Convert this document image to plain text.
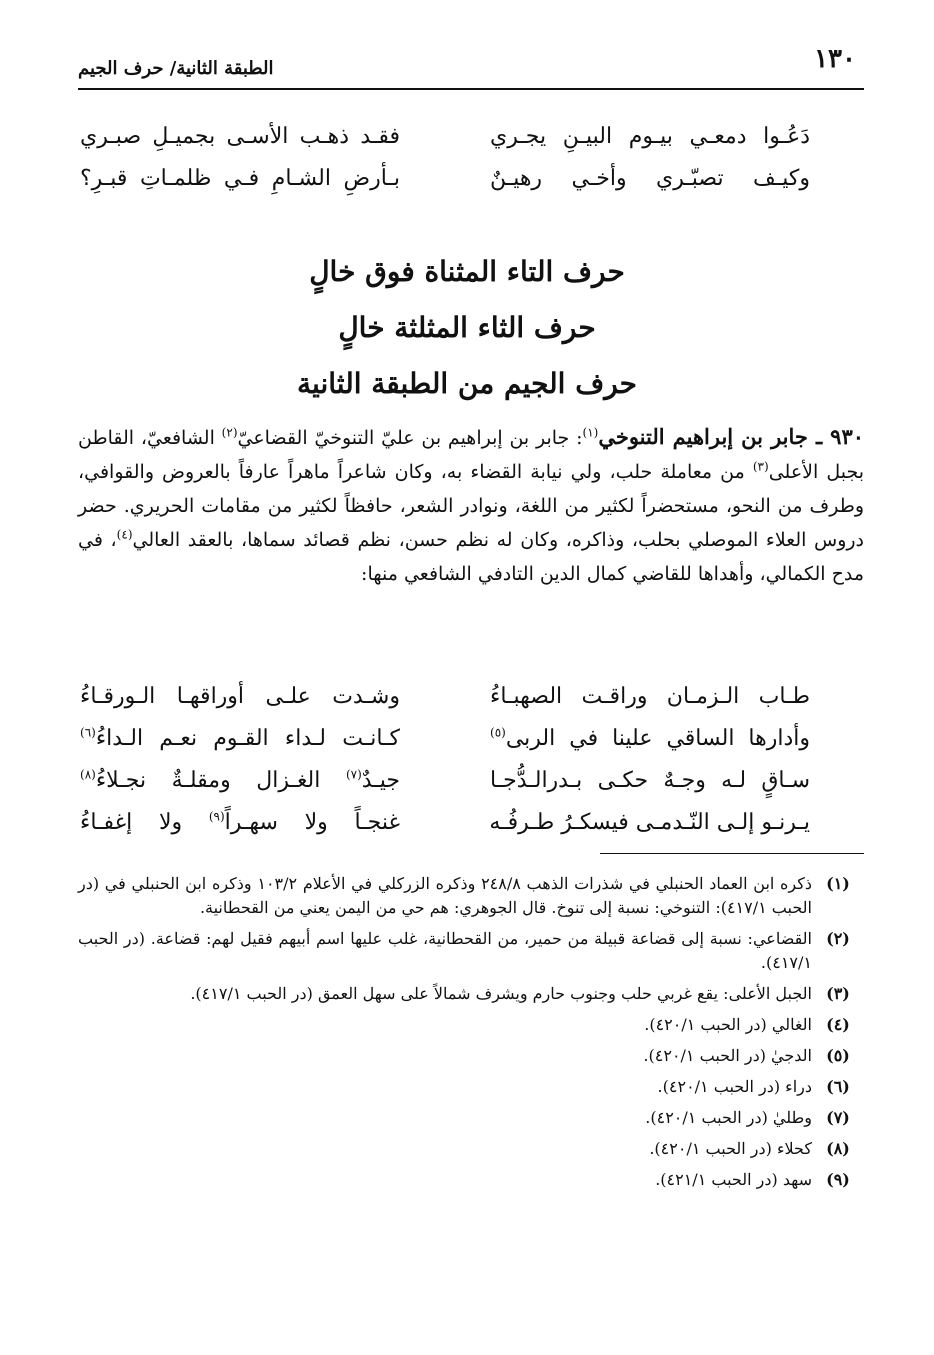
١٣٠
الطبقة الثانية/ حرف الجيم
دَعُـوا دمعـي بيـوم البيـنِ يجـري
فقـد ذهـب الأسـى بجميـلِ صبـري
وكيـف تصبّـري وأخـي رهيـنٌ
بـأرضِ الشـامِ فـي ظلمـاتِ قبـرِ؟
حرف التاء المثناة فوق خالٍ
حرف الثاء المثلثة خالٍ
حرف الجيم من الطبقة الثانية
٩٣٠ ـ جابر بن إبراهيم التنوخي$^{(١)}$: جابر بن إبراهيم بن عليّ التنوخيّ القضاعيّ$^{(٢)}$ الشافعيّ، القاطن بجبل الأعلى$^{(٣)}$ من معاملة حلب، ولي نيابة القضاء به، وكان شاعراً ماهراً عارفاً بالعروض والقوافي، وطرف من النحو، مستحضراً لكثير من اللغة، ونوادر الشعر، حافظاً لكثير من مقامات الحريري. حضر دروس العلاء الموصلي بحلب، وذاكره، وكان له نظم حسن، نظم قصائد سماها، بالعقد العالي$^{(٤)}$، في مدح الكمالي، وأهداها للقاضي كمال الدين التادفي الشافعي منها:
طـاب الـزمـان وراقـت الصهبـاءُ
وشـدت علـى أوراقهـا الـورقـاءُ
وأدارها الساقي علينا في الربى$^{(٥)}$
كـانـت لـداء القـوم نعـم الـداءُ$^{(٦)}$
سـاقٍ لـه وجـهٌ حكـى بـدرالـدُّجـا
جيـدٌ$^{(٧)}$ الغـزال ومقلـةٌ نجـلاءُ$^{(٨)}$
يـرنـو إلـى النّـدمـى فيسكـرُ طـرفُـه
غنجـاً ولا سهـراً$^{(٩)}$ ولا إغفـاءُ
(١)
ذكره ابن العماد الحنبلي في شذرات الذهب ٢٤٨/٨ وذكره الزركلي في الأعلام ١٠٣/٢ وذكره ابن الحنبلي في (در الحبب ٤١٧/١): التنوخي: نسبة إلى تنوخ. قال الجوهري: هم حي من اليمن يعني من القحطانية.
(٢)
القضاعي: نسبة إلى قضاعة قبيلة من حمير، من القحطانية، غلب عليها اسم أبيهم فقيل لهم: قضاعة. (در الحبب ٤١٧/١).
(٣)
الجبل الأعلى: يقع غربي حلب وجنوب حارم ويشرف شمالاً على سهل العمق (در الحبب ٤١٧/١).
(٤)
الغالي (در الحبب ٤٢٠/١).
(٥)
الدجيٰ (در الحبب ٤٢٠/١).
(٦)
دراء (در الحبب ٤٢٠/١).
(٧)
وطليٰ (در الحبب ٤٢٠/١).
(٨)
كحلاء (در الحبب ٤٢٠/١).
(٩)
سهد (در الحبب ٤٢١/١).
